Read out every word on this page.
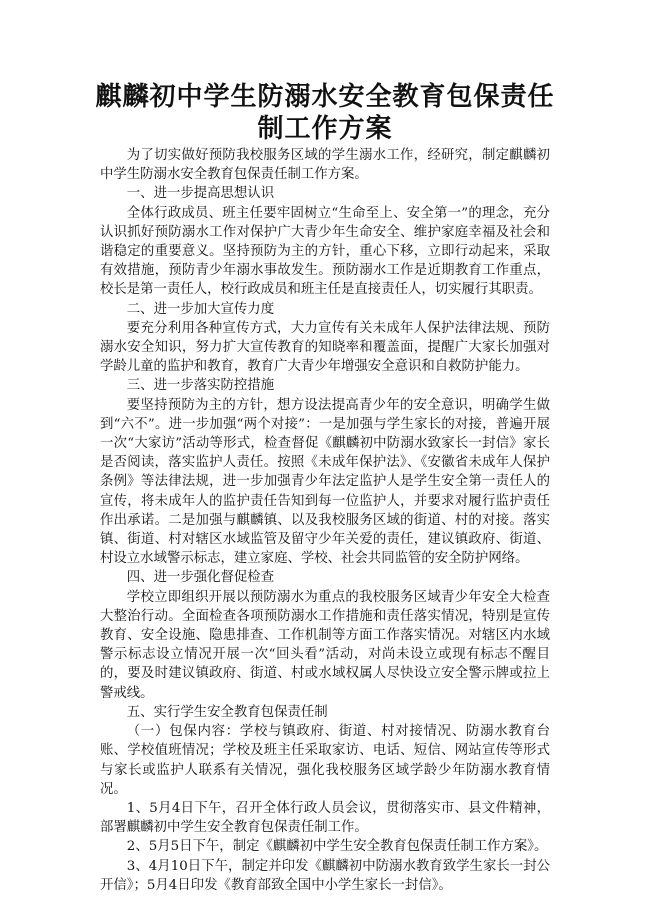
麒麟初中学生防溺水安全教育包保责任
制工作方案

为了切实做好预防我校服务区域的学生溺水工作，经研究，制定麒麟初中学生防溺水安全教育包保责任制工作方案。

一、进一步提高思想认识

全体行政成员、班主任要牢固树立“生命至上、安全第一”的理念，充分认识抓好预防溺水工作对保护广大青少年生命安全、维护家庭幸福及社会和谐稳定的重要意义。坚持预防为主的方针，重心下移，立即行动起来，采取有效措施，预防青少年溺水事故发生。预防溺水工作是近期教育工作重点，校长是第一责任人，校行政成员和班主任是直接责任人，切实履行其职责。

二、进一步加大宣传力度

要充分利用各种宣传方式，大力宣传有关未成年人保护法律法规、预防溺水安全知识，努力扩大宣传教育的知晓率和覆盖面，提醒广大家长加强对学龄儿童的监护和教育，教育广大青少年增强安全意识和自救防护能力。

三、进一步落实防控措施

要坚持预防为主的方针，想方设法提高青少年的安全意识，明确学生做到“六不”。进一步加强“两个对接”：一是加强与学生家长的对接，普遍开展一次“大家访”活动等形式，检查督促《麒麟初中防溺水致家长一封信》家长是否阅读，落实监护人责任。按照《未成年保护法》、《安徽省未成年人保护条例》等法律法规，进一步加强青少年法定监护人是学生安全第一责任人的宣传，将未成年人的监护责任告知到每一位监护人，并要求对履行监护责任作出承诺。二是加强与麒麟镇、以及我校服务区域的街道、村的对接。落实镇、街道、村对辖区水域监管及留守少年关爱的责任，建议镇政府、街道、村设立水域警示标志，建立家庭、学校、社会共同监管的安全防护网络。

四、进一步强化督促检查

学校立即组织开展以预防溺水为重点的我校服务区域青少年安全大检查大整治行动。全面检查各项预防溺水工作措施和责任落实情况，特别是宣传教育、安全设施、隐患排查、工作机制等方面工作落实情况。对辖区内水域警示标志设立情况开展一次“回头看”活动，对尚未设立或现有标志不醒目的，要及时建议镇政府、街道、村或水域权属人尽快设立安全警示牌或拉上警戒线。

五、实行学生安全教育包保责任制

（一）包保内容：学校与镇政府、街道、村对接情况、防溺水教育台账、学校值班情况；学校及班主任采取家访、电话、短信、网站宣传等形式与家长或监护人联系有关情况，强化我校服务区域学龄少年防溺水教育情况。

1、5月4日下午，召开全体行政人员会议，贯彻落实市、县文件精神，部署麒麟初中学生安全教育包保责任制工作。

2、5月5日下午，制定《麒麟初中学生安全教育包保责任制工作方案》。

3、4月10日下午，制定并印发《麒麟初中防溺水教育致学生家长一封公开信》；5月4日印发《教育部致全国中小学生家长一封信》。
